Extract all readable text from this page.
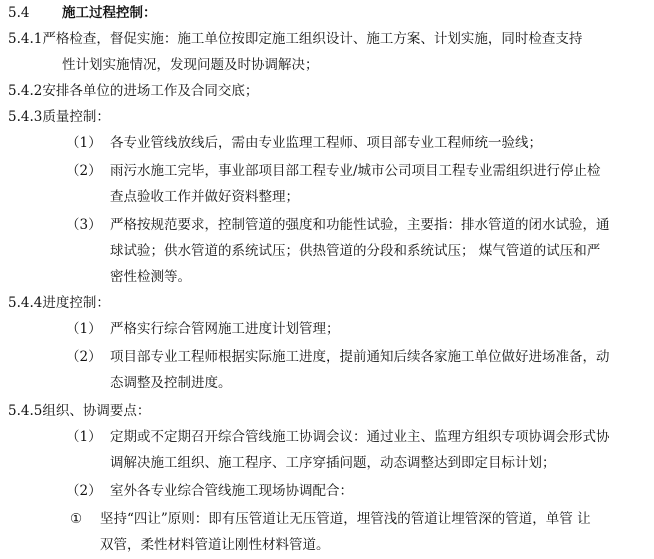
5.4 施工过程控制：
5.4.1严格检查，督促实施：施工单位按即定施工组织设计、施工方案、计划实施，同时检查支持
性计划实施情况，发现问题及时协调解决；
5.4.2安排各单位的进场工作及合同交底；
5.4.3质量控制：
（1） 各专业管线放线后，需由专业监理工程师、项目部专业工程师统一验线；
（2） 雨污水施工完毕，事业部项目部工程专业/城市公司项目工程专业需组织进行停止检
查点验收工作并做好资料整理；
（3） 严格按规范要求，控制管道的强度和功能性试验，主要指：排水管道的闭水试验，通
球试验；供水管道的系统试压；供热管道的分段和系统试压； 煤气管道的试压和严
密性检测等。
5.4.4进度控制：
（1） 严格实行综合管网施工进度计划管理；
（2） 项目部专业工程师根据实际施工进度，提前通知后续各家施工单位做好进场准备，动
态调整及控制进度。
5.4.5组织、协调要点：
（1） 定期或不定期召开综合管线施工协调会议：通过业主、监理方组织专项协调会形式协
调解决施工组织、施工程序、工序穿插问题，动态调整达到即定目标计划；
（2） 室外各专业综合管线施工现场协调配合：
① 坚持“四让”原则：即有压管道让无压管道，埋管浅的管道让埋管深的管道，单管 让
双管，柔性材料管道让刚性材料管道。
